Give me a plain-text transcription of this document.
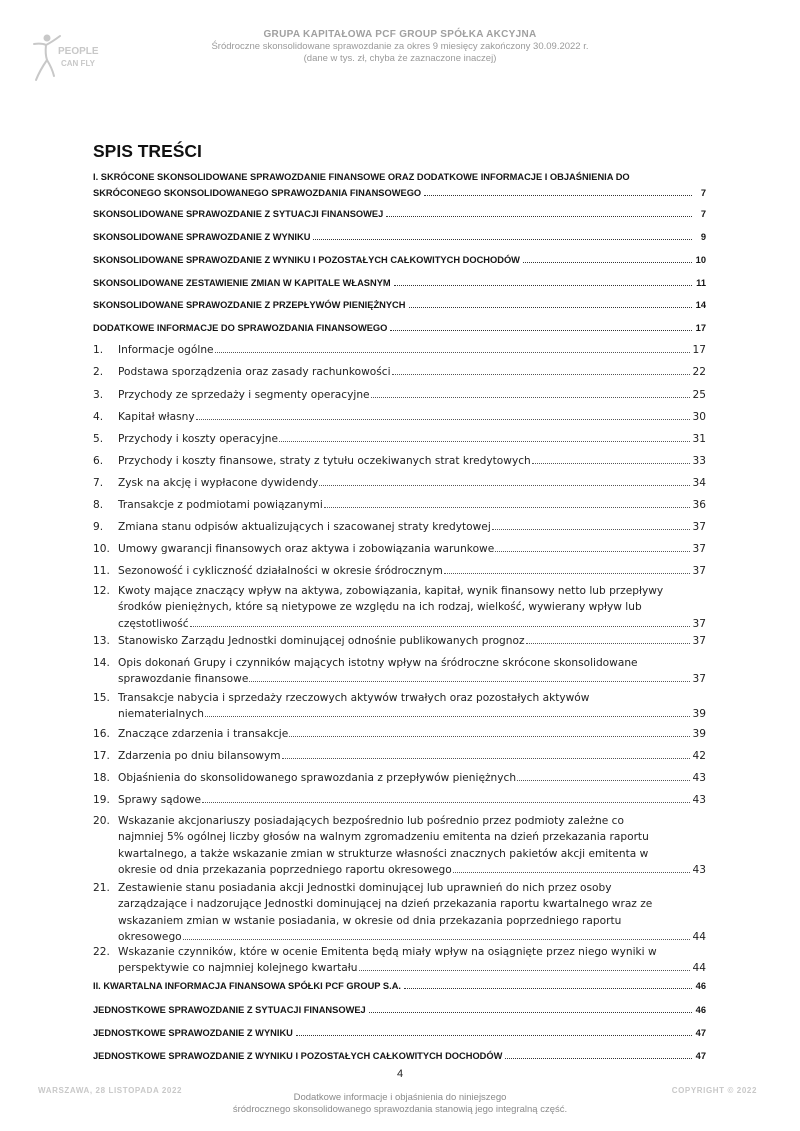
PEOPLE
CAN FLY
GRUPA KAPITAŁOWA PCF GROUP SPÓŁKA AKCYJNA
Śródroczne skonsolidowane sprawozdanie za okres 9 miesięcy zakończony 30.09.2022 r.
(dane w tys. zł, chyba że zaznaczone inaczej)
SPIS TREŚCI
I. SKRÓCONE SKONSOLIDOWANE SPRAWOZDANIE FINANSOWE ORAZ DODATKOWE INFORMACJE I OBJAŚNIENIA DO
SKRÓCONEGO SKONSOLIDOWANEGO SPRAWOZDANIA FINANSOWEGO	7
SKONSOLIDOWANE SPRAWOZDANIE Z SYTUACJI FINANSOWEJ	7
SKONSOLIDOWANE SPRAWOZDANIE Z WYNIKU	9
SKONSOLIDOWANE SPRAWOZDANIE Z WYNIKU I POZOSTAŁYCH CAŁKOWITYCH DOCHODÓW	10
SKONSOLIDOWANE ZESTAWIENIE ZMIAN W KAPITALE WŁASNYM	11
SKONSOLIDOWANE SPRAWOZDANIE Z PRZEPŁYWÓW PIENIĘŻNYCH	14
DODATKOWE INFORMACJE DO SPRAWOZDANIA FINANSOWEGO	17
1. Informacje ogólne	17
2. Podstawa sporządzenia oraz zasady rachunkowości	22
3. Przychody ze sprzedaży i segmenty operacyjne	25
4. Kapitał własny	30
5. Przychody i koszty operacyjne	31
6. Przychody i koszty finansowe, straty z tytułu oczekiwanych strat kredytowych	33
7. Zysk na akcję i wypłacone dywidendy	34
8. Transakcje z podmiotami powiązanymi	36
9. Zmiana stanu odpisów aktualizujących i szacowanej straty kredytowej	37
10. Umowy gwarancji finansowych oraz aktywa i zobowiązania warunkowe	37
11. Sezonowość i cykliczność działalności w okresie śródrocznym	37
12. Kwoty mające znaczący wpływ na aktywa, zobowiązania, kapitał, wynik finansowy netto lub przepływy
środków pieniężnych, które są nietypowe ze względu na ich rodzaj, wielkość, wywierany wpływ lub
częstotliwość	37
13. Stanowisko Zarządu Jednostki dominującej odnośnie publikowanych prognoz	37
14. Opis dokonań Grupy i czynników mających istotny wpływ na śródroczne skrócone skonsolidowane
sprawozdanie finansowe	37
15. Transakcje nabycia i sprzedaży rzeczowych aktywów trwałych oraz pozostałych aktywów
niematerialnych	39
16. Znaczące zdarzenia i transakcje	39
17. Zdarzenia po dniu bilansowym	42
18. Objaśnienia do skonsolidowanego sprawozdania z przepływów pieniężnych	43
19. Sprawy sądowe	43
20. Wskazanie akcjonariuszy posiadających bezpośrednio lub pośrednio przez podmioty zależne co
najmniej 5% ogólnej liczby głosów na walnym zgromadzeniu emitenta na dzień przekazania raportu
kwartalnego, a także wskazanie zmian w strukturze własności znacznych pakietów akcji emitenta w
okresie od dnia przekazania poprzedniego raportu okresowego	43
21. Zestawienie stanu posiadania akcji Jednostki dominującej lub uprawnień do nich przez osoby
zarządzające i nadzorujące Jednostki dominującej na dzień przekazania raportu kwartalnego wraz ze
wskazaniem zmian w wstanie posiadania, w okresie od dnia przekazania poprzedniego raportu
okresowego	44
22. Wskazanie czynników, które w ocenie Emitenta będą miały wpływ na osiągnięte przez niego wyniki w
perspektywie co najmniej kolejnego kwartału	44
II. KWARTALNA INFORMACJA FINANSOWA SPÓŁKI PCF GROUP S.A.	46
JEDNOSTKOWE SPRAWOZDANIE Z SYTUACJI FINANSOWEJ	46
JEDNOSTKOWE SPRAWOZDANIE Z WYNIKU	47
JEDNOSTKOWE SPRAWOZDANIE Z WYNIKU I POZOSTAŁYCH CAŁKOWITYCH DOCHODÓW	47
4
WARSZAWA, 28 LISTOPADA 2022	COPYRIGHT © 2022
Dodatkowe informacje i objaśnienia do niniejszego
śródrocznego skonsolidowanego sprawozdania stanowią jego integralną część.
